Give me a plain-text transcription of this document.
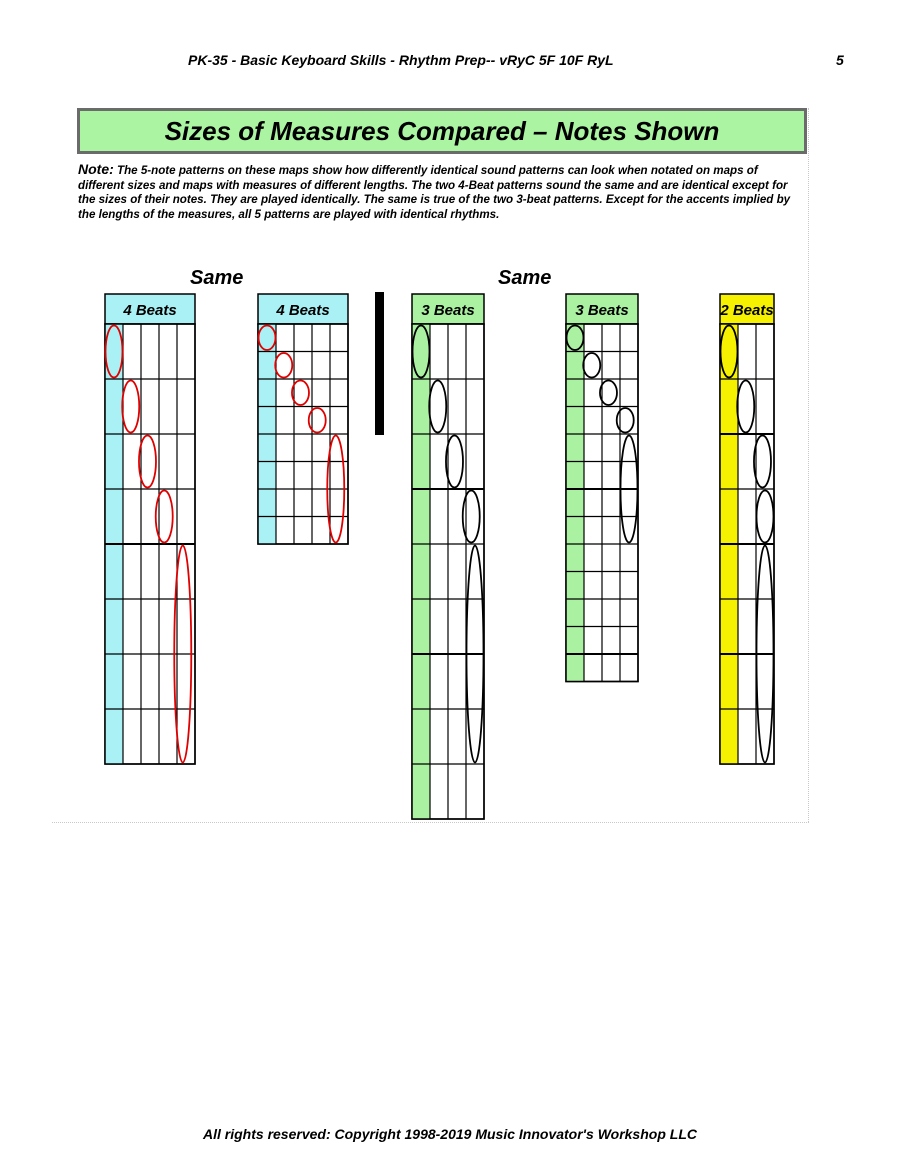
PK-35 - Basic Keyboard Skills - Rhythm Prep-- vRyC 5F 10F RyL	5
Sizes of Measures Compared – Notes Shown
Note: The 5-note patterns on these maps show how differently identical sound patterns can look when notated on maps of different sizes and maps with measures of different lengths. The two 4-Beat patterns sound the same and are identical except for the sizes of their notes. They are played identically. The same is true of the two 3-beat patterns. Except for the accents implied by the lengths of the measures, all 5 patterns are played with identical rhythms.
Same	Same
4 Beats	4 Beats	3 Beats	3 Beats	2 Beats
All rights reserved: Copyright 1998-2019 Music Innovator's Workshop LLC
